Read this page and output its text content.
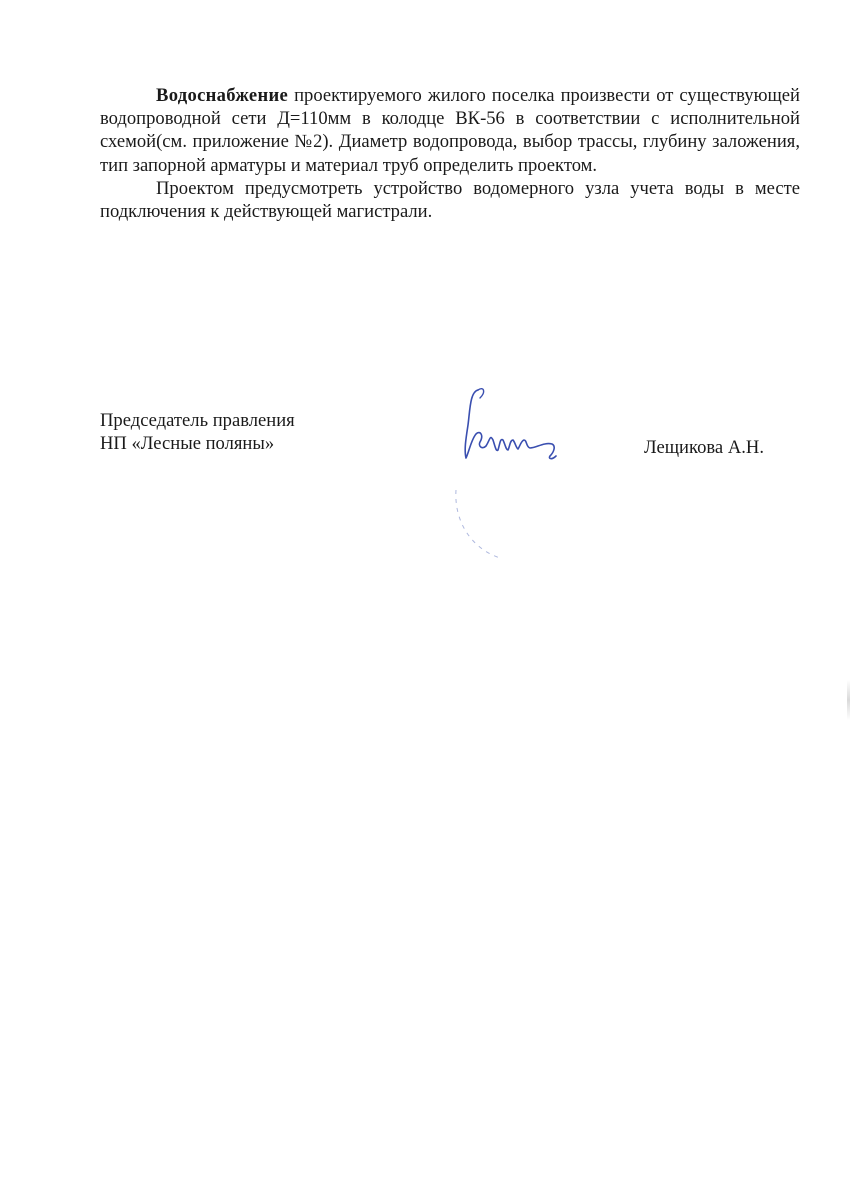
Водоснабжение проектируемого жилого поселка произвести от существующей водопроводной сети Д=110мм в колодце ВК-56 в соответствии с исполнительной схемой(см. приложение №2). Диаметр водопровода, выбор трассы, глубину заложения, тип запорной арматуры и материал труб определить проектом.

Проектом предусмотреть устройство водомерного узла учета воды в месте подключения к действующей магистрали.

Председатель правления
НП «Лесные поляны»	Лещикова А.Н.
